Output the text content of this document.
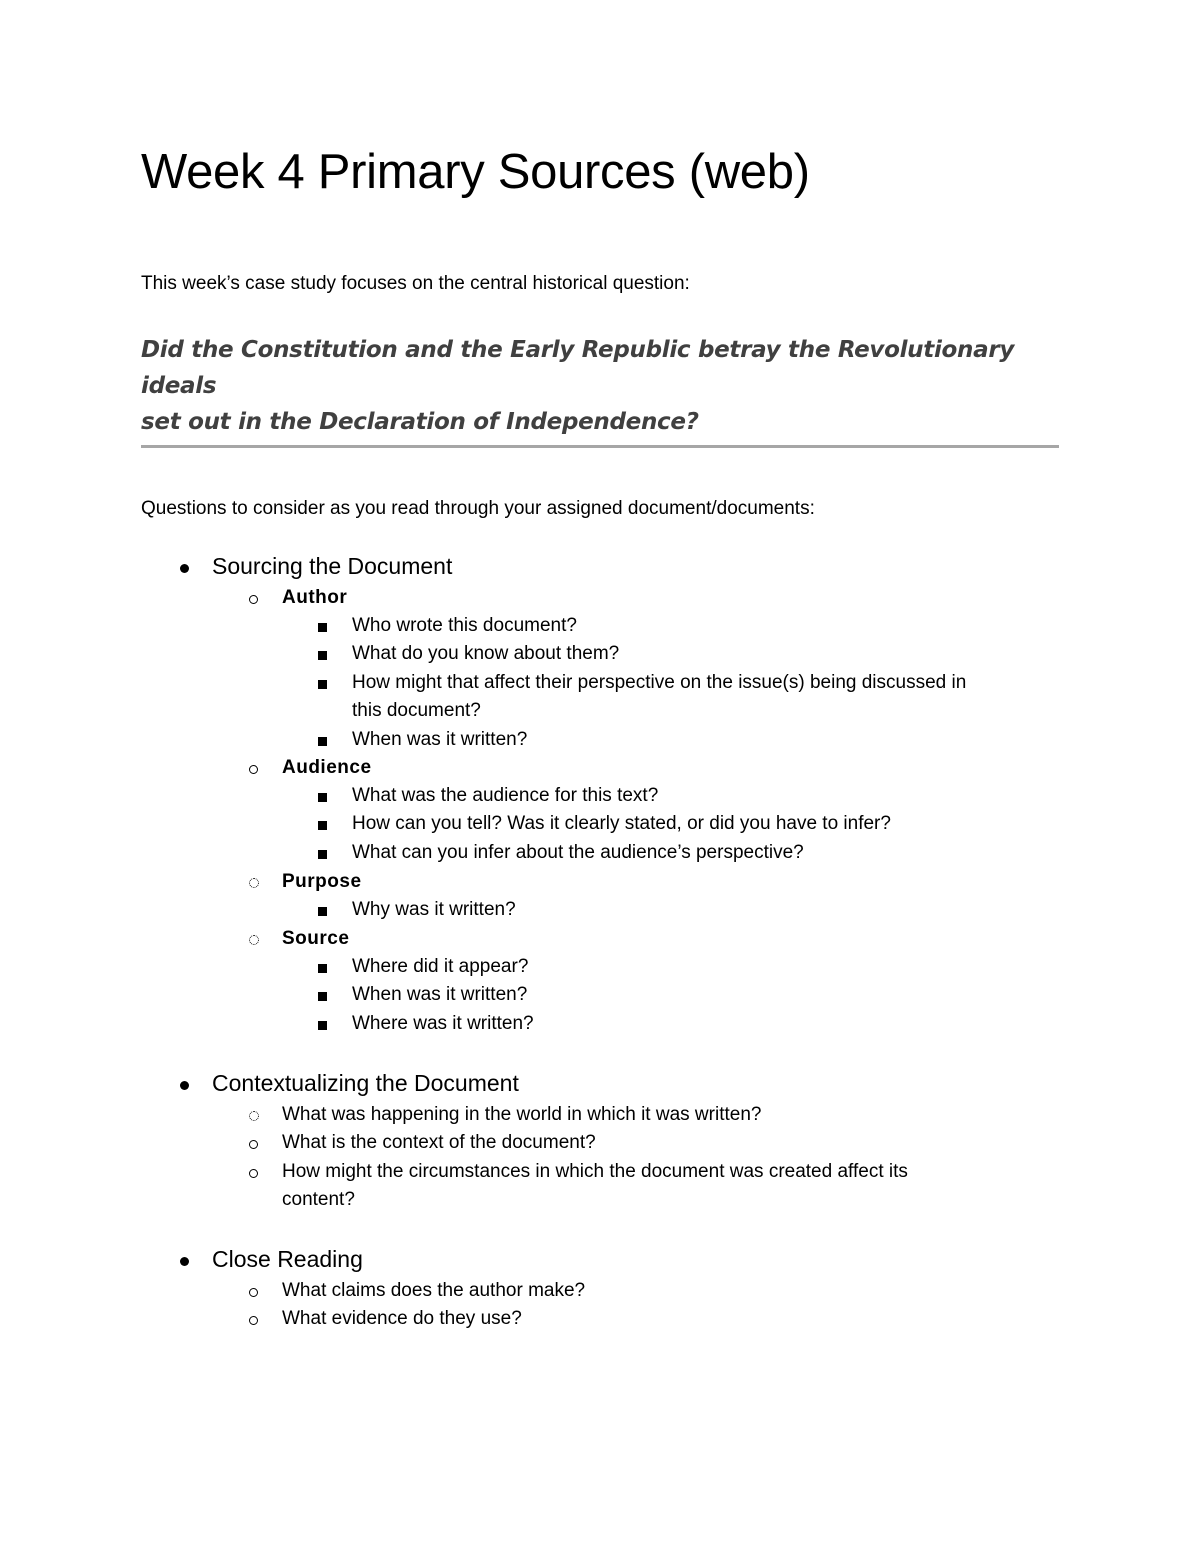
Week 4 Primary Sources (web)

This week’s case study focuses on the central historical question:

Did the Constitution and the Early Republic betray the Revolutionary ideals
set out in the Declaration of Independence?

Questions to consider as you read through your assigned document/documents:

Sourcing the Document
Author
Who wrote this document?
What do you know about them?
How might that affect their perspective on the issue(s) being discussed in
this document?
When was it written?
Audience
What was the audience for this text?
How can you tell? Was it clearly stated, or did you have to infer?
What can you infer about the audience’s perspective?
Purpose
Why was it written?
Source
Where did it appear?
When was it written?
Where was it written?
Contextualizing the Document
What was happening in the world in which it was written?
What is the context of the document?
How might the circumstances in which the document was created affect its
content?
Close Reading
What claims does the author make?
What evidence do they use?
